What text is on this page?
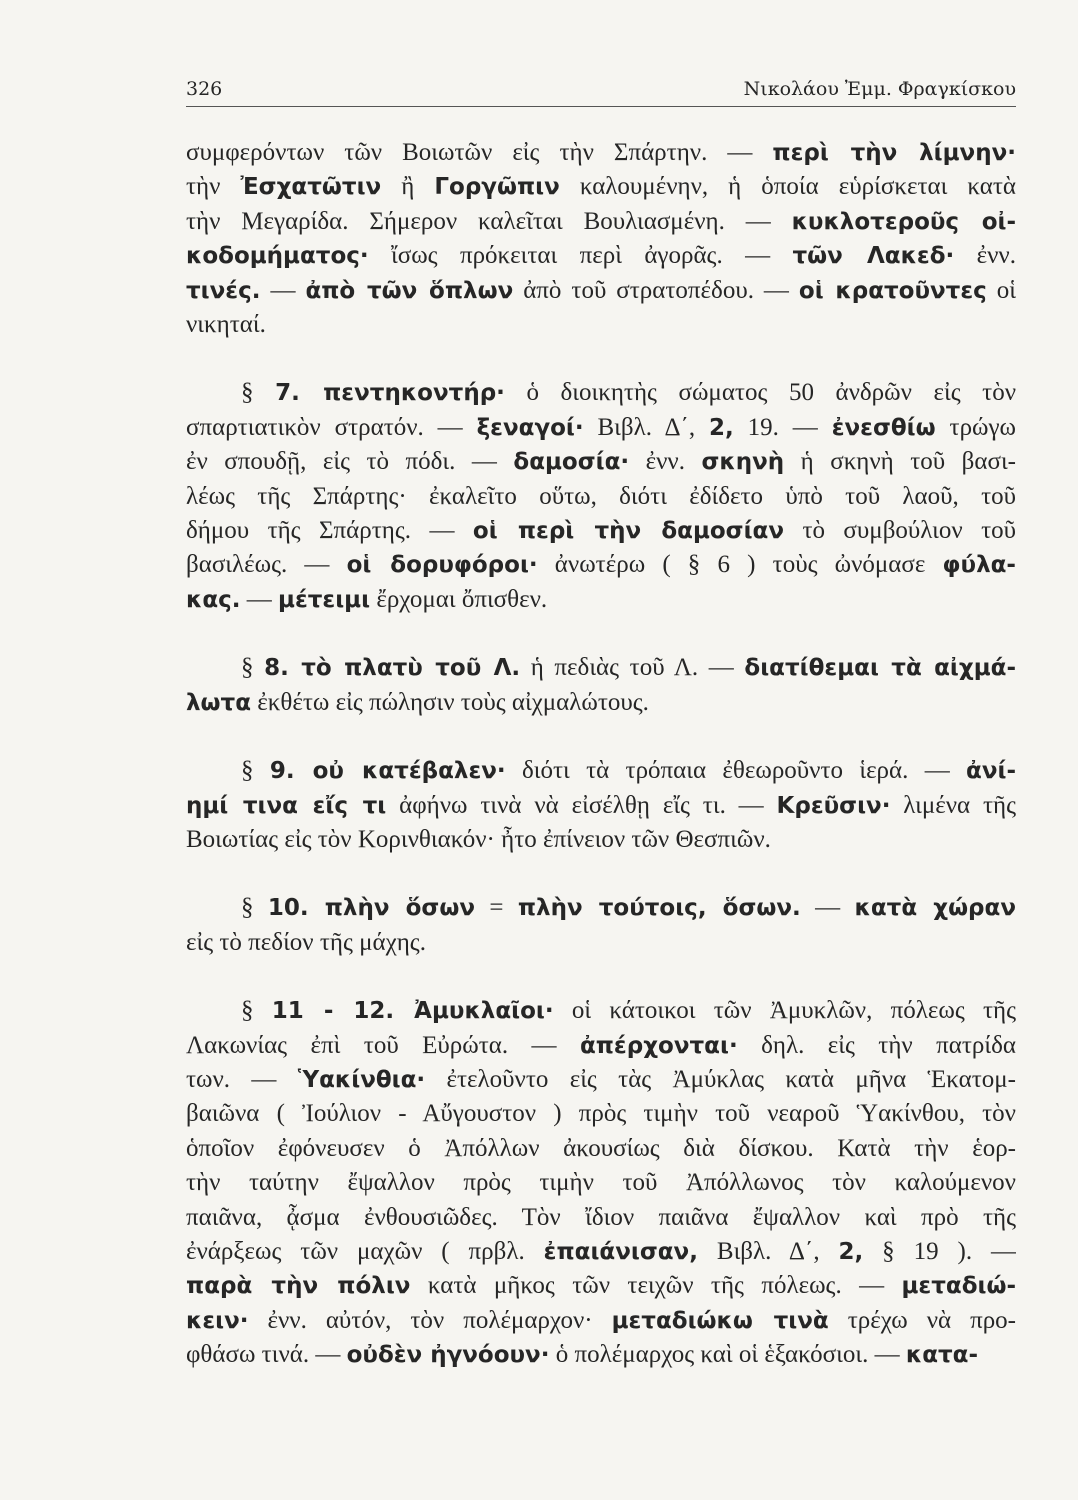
326	Νικολάου Ἐμμ. Φραγκίσκου
συμφερόντων τῶν Βοιωτῶν εἰς τὴν Σπάρτην. — περὶ τὴν λίμνην·
τὴν Ἐσχατῶτιν ἢ Γοργῶπιν καλουμένην, ἡ ὁποία εὑρίσκεται κατὰ
τὴν Μεγαρίδα. Σήμερον καλεῖται Βουλιασμένη. — κυκλοτεροῦς οἰ-
κοδομήματος· ἴσως πρόκειται περὶ ἀγορᾶς. — τῶν Λακεδ· ἐνν.
τινές. — ἀπὸ τῶν ὅπλων ἀπὸ τοῦ στρατοπέδου. — οἱ κρατοῦντες οἱ
νικηταί.
§ 7. πεντηκοντήρ· ὁ διοικητὴς σώματος 50 ἀνδρῶν εἰς τὸν
σπαρτιατικὸν στρατόν. — ξεναγοί· Βιβλ. Δ΄, 2, 19. — ἐνεσθίω τρώγω
ἐν σπουδῇ, εἰς τὸ πόδι. — δαμοσία· ἐνν. σκηνὴ ἡ σκηνὴ τοῦ βασι-
λέως τῆς Σπάρτης· ἐκαλεῖτο οὕτω, διότι ἐδίδετο ὑπὸ τοῦ λαοῦ, τοῦ
δήμου τῆς Σπάρτης. — οἱ περὶ τὴν δαμοσίαν τὸ συμβούλιον τοῦ
βασιλέως. — οἱ δορυφόροι· ἀνωτέρω ( § 6 ) τοὺς ὠνόμασε φύλα-
κας. — μέτειμι ἔρχομαι ὄπισθεν.
§ 8. τὸ πλατὺ τοῦ Λ. ἡ πεδιὰς τοῦ Λ. — διατίθεμαι τὰ αἰχμά-
λωτα ἐκθέτω εἰς πώλησιν τοὺς αἰχμαλώτους.
§ 9. οὐ κατέβαλεν· διότι τὰ τρόπαια ἐθεωροῦντο ἱερά. — ἀνί-
ημί τινα εἴς τι ἀφήνω τινὰ νὰ εἰσέλθῃ εἴς τι. — Κρεῦσιν· λιμένα τῆς
Βοιωτίας εἰς τὸν Κορινθιακόν· ἦτο ἐπίνειον τῶν Θεσπιῶν.
§ 10. πλὴν ὅσων = πλὴν τούτοις, ὅσων. — κατὰ χώραν
εἰς τὸ πεδίον τῆς μάχης.
§ 11 - 12. Ἀμυκλαῖοι· οἱ κάτοικοι τῶν Ἀμυκλῶν, πόλεως τῆς
Λακωνίας ἐπὶ τοῦ Εὐρώτα. — ἀπέρχονται· δηλ. εἰς τὴν πατρίδα
των. — Ὑακίνθια· ἐτελοῦντο εἰς τὰς Ἀμύκλας κατὰ μῆνα Ἑκατομ-
βαιῶνα ( Ἰούλιον - Αὔγουστον ) πρὸς τιμὴν τοῦ νεαροῦ Ὑακίνθου, τὸν
ὁποῖον ἐφόνευσεν ὁ Ἀπόλλων ἀκουσίως διὰ δίσκου. Κατὰ τὴν ἑορ-
τὴν ταύτην ἔψαλλον πρὸς τιμὴν τοῦ Ἀπόλλωνος τὸν καλούμενον
παιᾶνα, ᾆσμα ἐνθουσιῶδες. Τὸν ἴδιον παιᾶνα ἔψαλλον καὶ πρὸ τῆς
ἐνάρξεως τῶν μαχῶν ( πρβλ. ἐπαιάνισαν, Βιβλ. Δ΄, 2, § 19 ). —
παρὰ τὴν πόλιν κατὰ μῆκος τῶν τειχῶν τῆς πόλεως. — μεταδιώ-
κειν· ἐνν. αὐτόν, τὸν πολέμαρχον· μεταδιώκω τινὰ τρέχω νὰ προ-
φθάσω τινά. — οὐδὲν ἠγνόουν· ὁ πολέμαρχος καὶ οἱ ἑξακόσιοι. — κατα-
